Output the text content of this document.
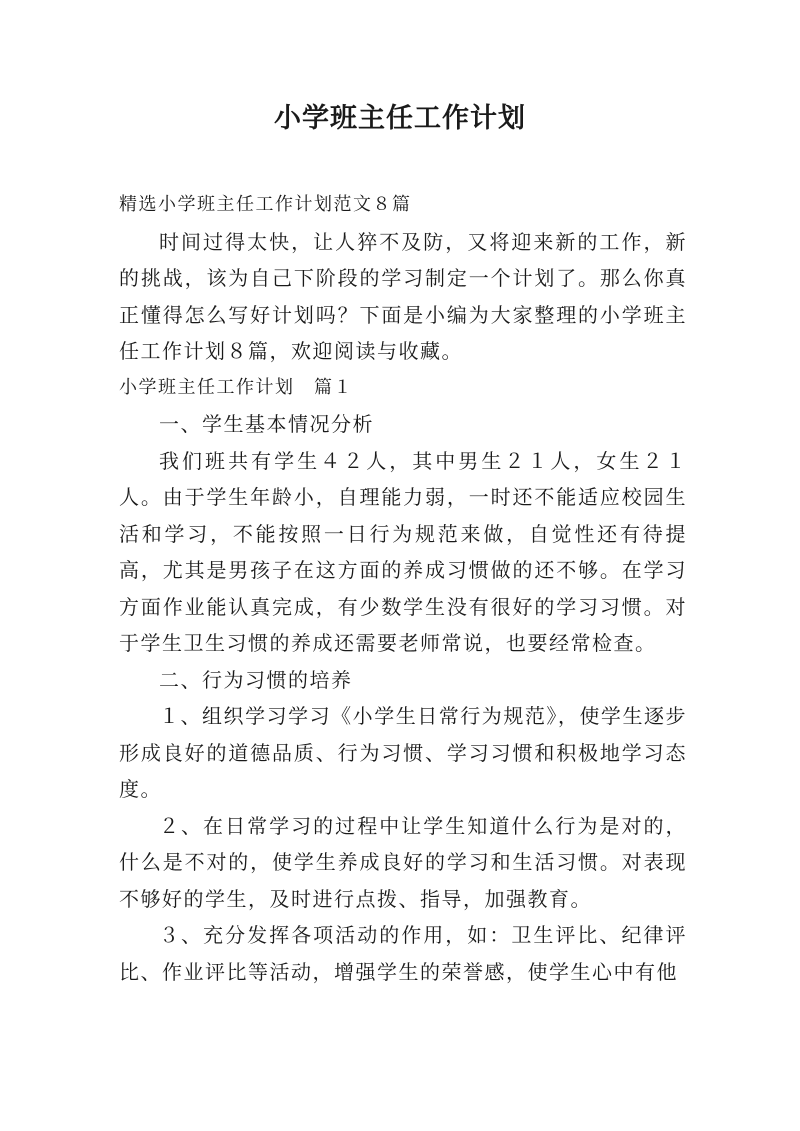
小学班主任工作计划

精选小学班主任工作计划范文８篇

时间过得太快，让人猝不及防，又将迎来新的工作，新的挑战，该为自己下阶段的学习制定一个计划了。那么你真正懂得怎么写好计划吗？下面是小编为大家整理的小学班主任工作计划８篇，欢迎阅读与收藏。

小学班主任工作计划　篇１

一、学生基本情况分析

我们班共有学生４２人，其中男生２１人，女生２１人。由于学生年龄小，自理能力弱，一时还不能适应校园生活和学习，不能按照一日行为规范来做，自觉性还有待提高，尤其是男孩子在这方面的养成习惯做的还不够。在学习方面作业能认真完成，有少数学生没有很好的学习习惯。对于学生卫生习惯的养成还需要老师常说，也要经常检查。

二、行为习惯的培养

１、组织学习学习《小学生日常行为规范》，使学生逐步形成良好的道德品质、行为习惯、学习习惯和积极地学习态度。

２、在日常学习的过程中让学生知道什么行为是对的，什么是不对的，使学生养成良好的学习和生活习惯。对表现不够好的学生，及时进行点拨、指导，加强教育。

３、充分发挥各项活动的作用，如：卫生评比、纪律评比、作业评比等活动，增强学生的荣誉感，使学生心中有他
